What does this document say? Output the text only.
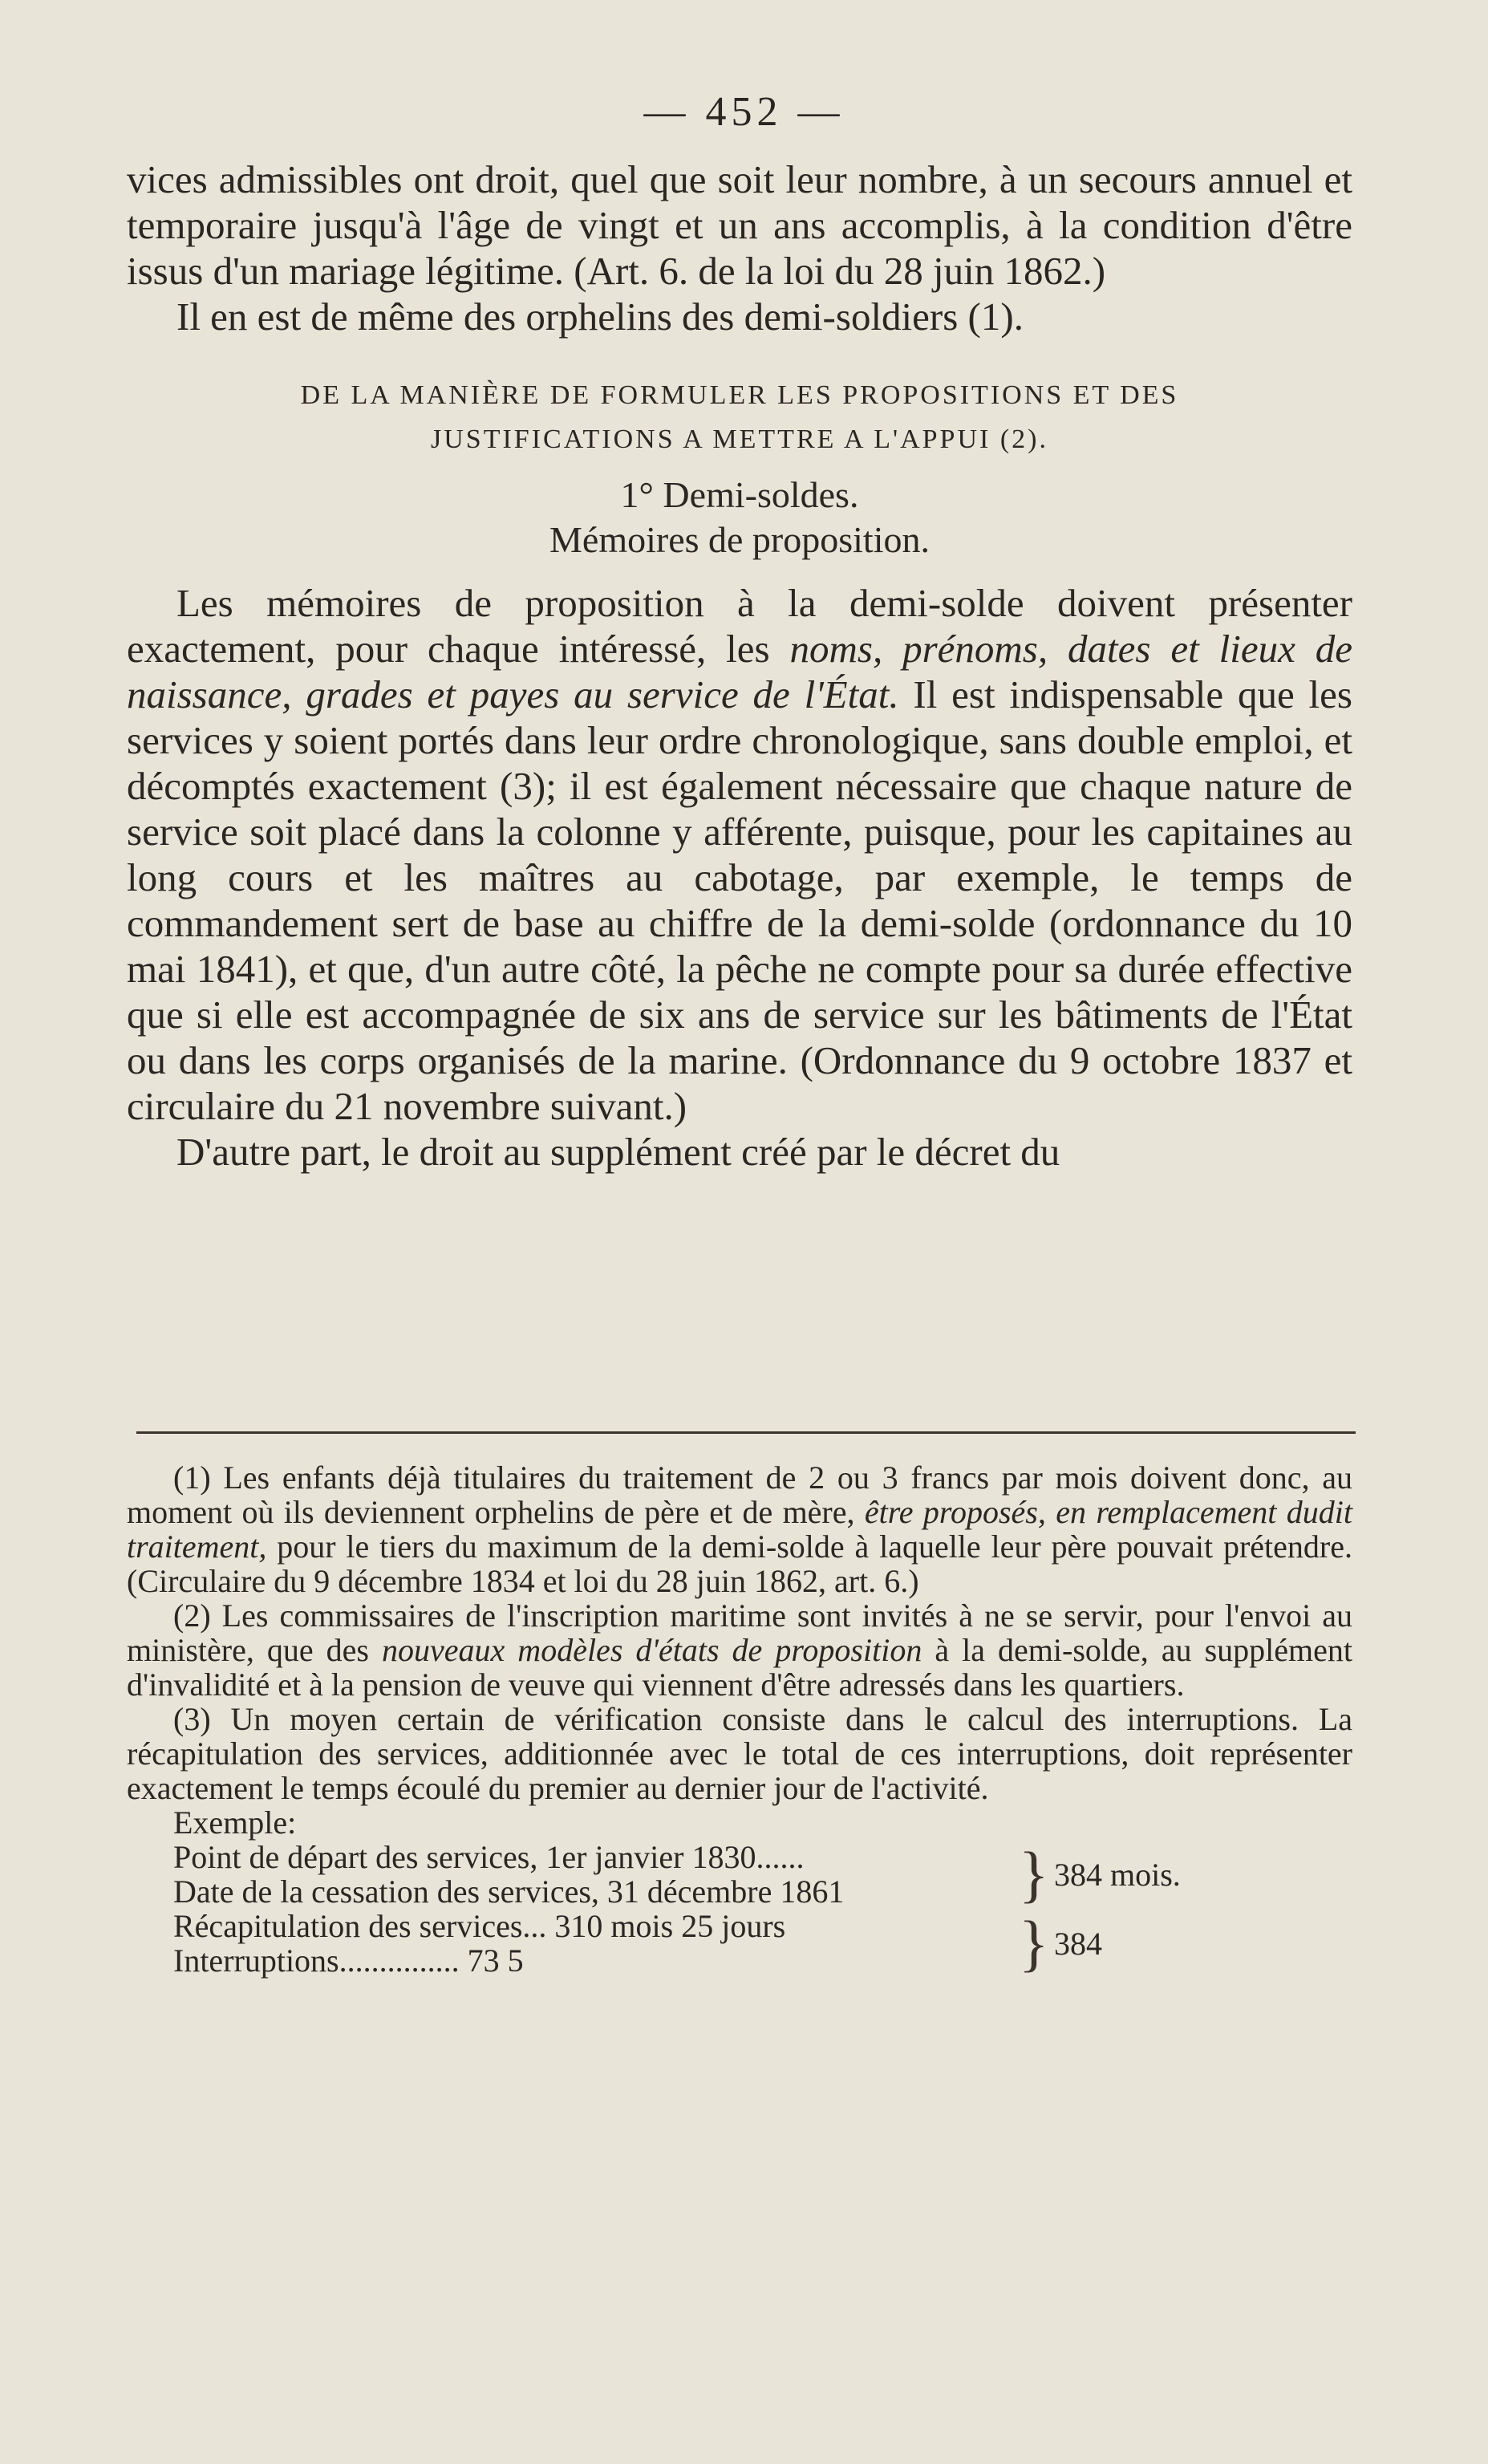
— 452 —

vices admissibles ont droit, quel que soit leur nombre, à un secours annuel et temporaire jusqu'à l'âge de vingt et un ans accomplis, à la condition d'être issus d'un mariage légitime. (Art. 6. de la loi du 28 juin 1862.)

Il en est de même des orphelins des demi-soldiers (1).

DE LA MANIÈRE DE FORMULER LES PROPOSITIONS ET DES

JUSTIFICATIONS A METTRE A L'APPUI (2).

1° Demi-soldes.

Mémoires de proposition.

Les mémoires de proposition à la demi-solde doivent présenter exactement, pour chaque intéressé, les noms, prénoms, dates et lieux de naissance, grades et payes au service de l'État. Il est indispensable que les services y soient portés dans leur ordre chronologique, sans double emploi, et décomptés exactement (3); il est également nécessaire que chaque nature de service soit placé dans la colonne y afférente, puisque, pour les capitaines au long cours et les maîtres au cabotage, par exemple, le temps de commandement sert de base au chiffre de la demi-solde (ordonnance du 10 mai 1841), et que, d'un autre côté, la pêche ne compte pour sa durée effective que si elle est accompagnée de six ans de service sur les bâtiments de l'État ou dans les corps organisés de la marine. (Ordonnance du 9 octobre 1837 et circulaire du 21 novembre suivant.)

D'autre part, le droit au supplément créé par le décret du

(1) Les enfants déjà titulaires du traitement de 2 ou 3 francs par mois doivent donc, au moment où ils deviennent orphelins de père et de mère, être proposés, en remplacement dudit traitement, pour le tiers du maximum de la demi-solde à laquelle leur père pouvait prétendre. (Circulaire du 9 décembre 1834 et loi du 28 juin 1862, art. 6.)

(2) Les commissaires de l'inscription maritime sont invités à ne se servir, pour l'envoi au ministère, que des nouveaux modèles d'états de proposition à la demi-solde, au supplément d'invalidité et à la pension de veuve qui viennent d'être adressés dans les quartiers.

(3) Un moyen certain de vérification consiste dans le calcul des interruptions. La récapitulation des services, additionnée avec le total de ces interruptions, doit représenter exactement le temps écoulé du premier au dernier jour de l'activité.

Exemple:

Point de départ des services, 1er janvier 1830......
Date de la cessation des services, 31 décembre 1861	} 384 mois.
Récapitulation des services... 310 mois 25 jours
Interruptions............... 73 5	} 384
